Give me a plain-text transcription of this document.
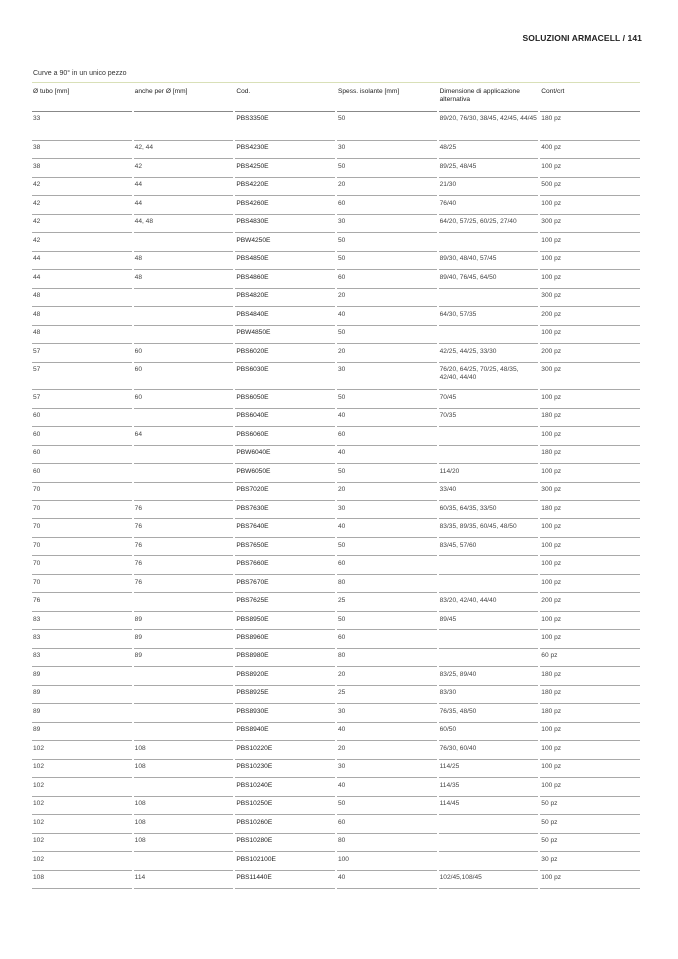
SOLUZIONI ARMACELL / 141
Curve a 90° in un unico pezzo
Ø tubo [mm]	anche per Ø [mm]	Cod.	Spess. isolante [mm]	Dimensione di applicazione alternativa	Cont/crt
33		PBS3350E	50	89/20, 76/30, 38/45, 42/45, 44/45	180 pz
38	42, 44	PBS4230E	30	48/25	400 pz
38	42	PBS4250E	50	89/25, 48/45	100 pz
42	44	PBS4220E	20	21/30	500 pz
42	44	PBS4260E	60	76/40	100 pz
42	44, 48	PBS4830E	30	64/20, 57/25, 60/25, 27/40	300 pz
42		PBW4250E	50		100 pz
44	48	PBS4850E	50	89/30, 48/40, 57/45	100 pz
44	48	PBS4860E	60	89/40, 76/45, 64/50	100 pz
48		PBS4820E	20		300 pz
48		PBS4840E	40	64/30, 57/35	200 pz
48		PBW4850E	50		100 pz
57	60	PBS6020E	20	42/25, 44/25, 33/30	200 pz
57	60	PBS6030E	30	76/20, 64/25, 70/25, 48/35, 42/40, 44/40	300 pz
57	60	PBS6050E	50	70/45	100 pz
60		PBS6040E	40	70/35	180 pz
60	64	PBS6060E	60		100 pz
60		PBW6040E	40		180 pz
60		PBW6050E	50	114/20	100 pz
70		PBS7020E	20	33/40	300 pz
70	76	PBS7630E	30	60/35, 64/35, 33/50	180 pz
70	76	PBS7640E	40	83/35, 89/35, 60/45, 48/50	100 pz
70	76	PBS7650E	50	83/45, 57/60	100 pz
70	76	PBS7660E	60		100 pz
70	76	PBS7670E	80		100 pz
76		PBS7625E	25	83/20, 42/40, 44/40	200 pz
83	89	PBS8950E	50	89/45	100 pz
83	89	PBS8960E	60		100 pz
83	89	PBS8980E	80		60 pz
89		PBS8920E	20	83/25, 89/40	180 pz
89		PBS8925E	25	83/30	180 pz
89		PBS8930E	30	76/35, 48/50	180 pz
89		PBS8940E	40	60/50	100 pz
102	108	PBS10220E	20	76/30, 60/40	100 pz
102	108	PBS10230E	30	114/25	100 pz
102		PBS10240E	40	114/35	100 pz
102	108	PBS10250E	50	114/45	50 pz
102	108	PBS10260E	60		50 pz
102	108	PBS10280E	80		50 pz
102		PBS102100E	100		30 pz
108	114	PBS11440E	40	102/45,108/45	100 pz
